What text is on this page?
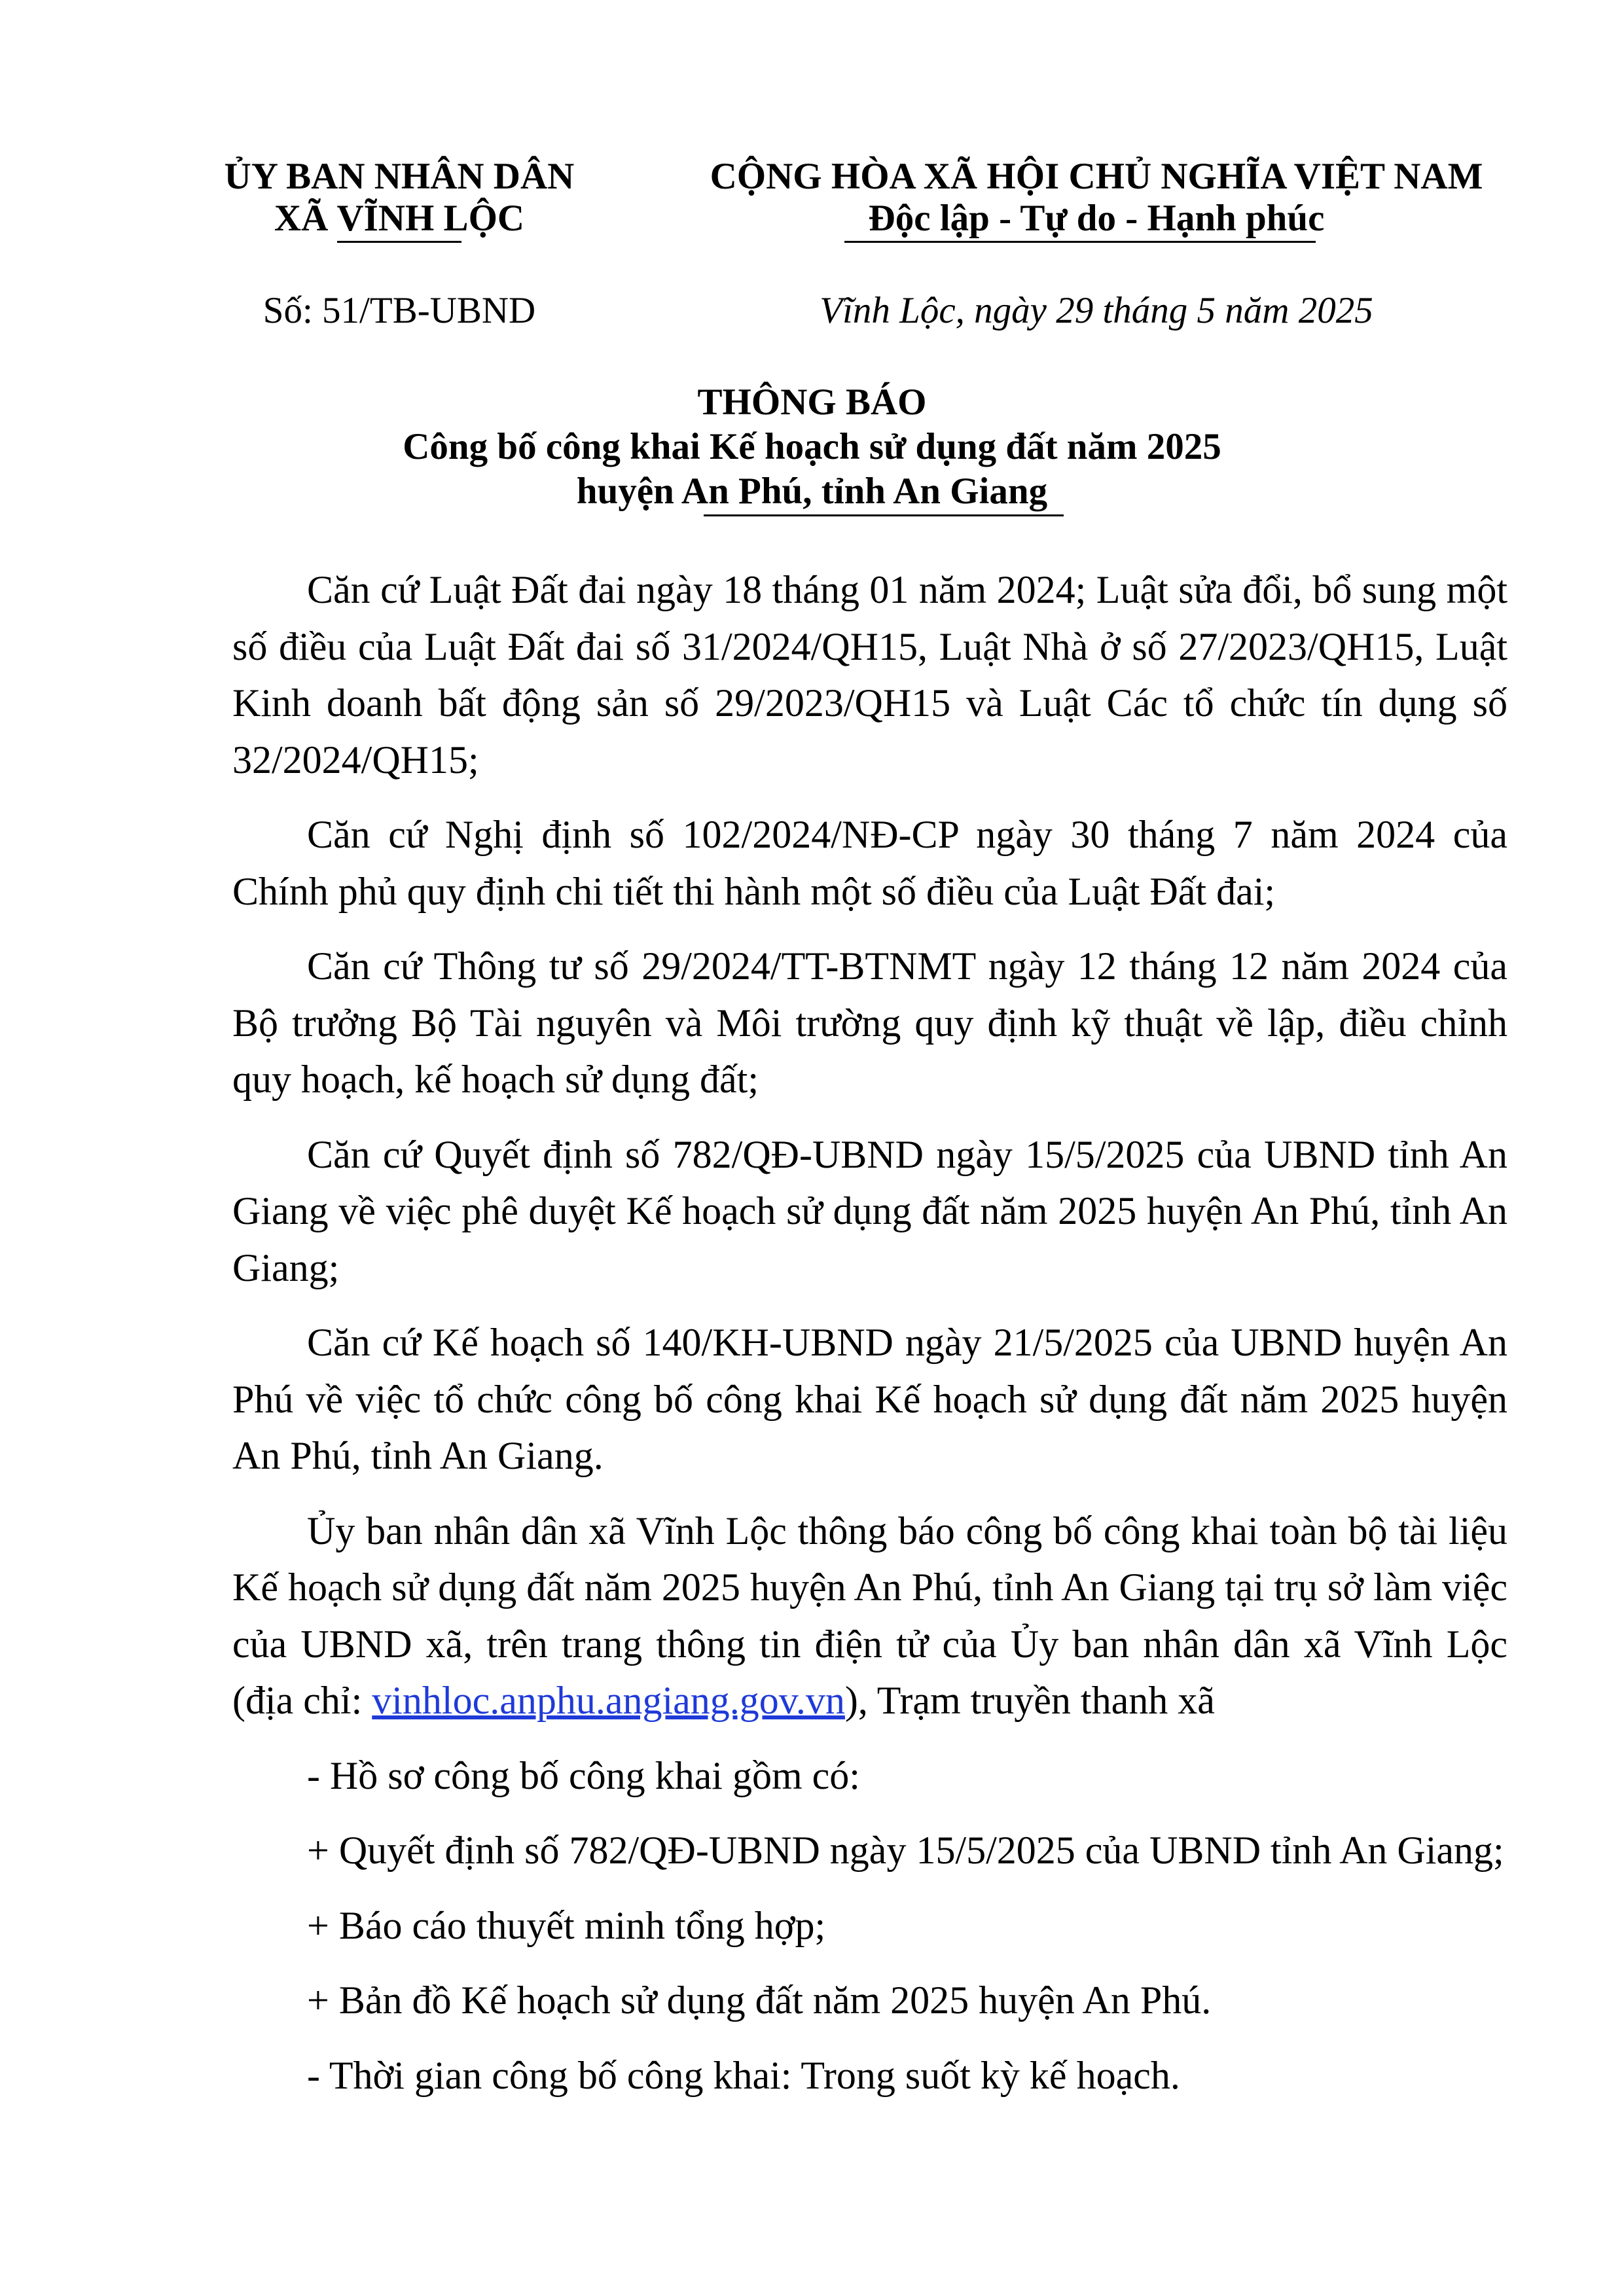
ỦY BAN NHÂN DÂN

XÃ VĨNH LỘC

CỘNG HÒA XÃ HỘI CHỦ NGHĨA VIỆT NAM

Độc lập - Tự do - Hạnh phúc

Số: 51/TB-UBND	Vĩnh Lộc, ngày 29 tháng 5 năm 2025

THÔNG BÁO

Công bố công khai Kế hoạch sử dụng đất năm 2025

huyện An Phú, tỉnh An Giang

Căn cứ Luật Đất đai ngày 18 tháng 01 năm 2024; Luật sửa đổi, bổ sung một số điều của Luật Đất đai số 31/2024/QH15, Luật Nhà ở số 27/2023/QH15, Luật Kinh doanh bất động sản số 29/2023/QH15 và Luật Các tổ chức tín dụng số 32/2024/QH15;

Căn cứ Nghị định số 102/2024/NĐ-CP ngày 30 tháng 7 năm 2024 của Chính phủ quy định chi tiết thi hành một số điều của Luật Đất đai;

Căn cứ Thông tư số 29/2024/TT-BTNMT ngày 12 tháng 12 năm 2024 của Bộ trưởng Bộ Tài nguyên và Môi trường quy định kỹ thuật về lập, điều chỉnh quy hoạch, kế hoạch sử dụng đất;

Căn cứ Quyết định số 782/QĐ-UBND ngày 15/5/2025 của UBND tỉnh An Giang về việc phê duyệt Kế hoạch sử dụng đất năm 2025 huyện An Phú, tỉnh An Giang;

Căn cứ Kế hoạch số 140/KH-UBND ngày 21/5/2025 của UBND huyện An Phú về việc tổ chức công bố công khai Kế hoạch sử dụng đất năm 2025 huyện An Phú, tỉnh An Giang.

Ủy ban nhân dân xã Vĩnh Lộc thông báo công bố công khai toàn bộ tài liệu Kế hoạch sử dụng đất năm 2025 huyện An Phú, tỉnh An Giang tại trụ sở làm việc của UBND xã, trên trang thông tin điện tử của Ủy ban nhân dân xã Vĩnh Lộc (địa chỉ: vinhloc.anphu.angiang.gov.vn), Trạm truyền thanh xã

- Hồ sơ công bố công khai gồm có:

+ Quyết định số 782/QĐ-UBND ngày 15/5/2025 của UBND tỉnh An Giang;

+ Báo cáo thuyết minh tổng hợp;

+ Bản đồ Kế hoạch sử dụng đất năm 2025 huyện An Phú.

- Thời gian công bố công khai: Trong suốt kỳ kế hoạch.
